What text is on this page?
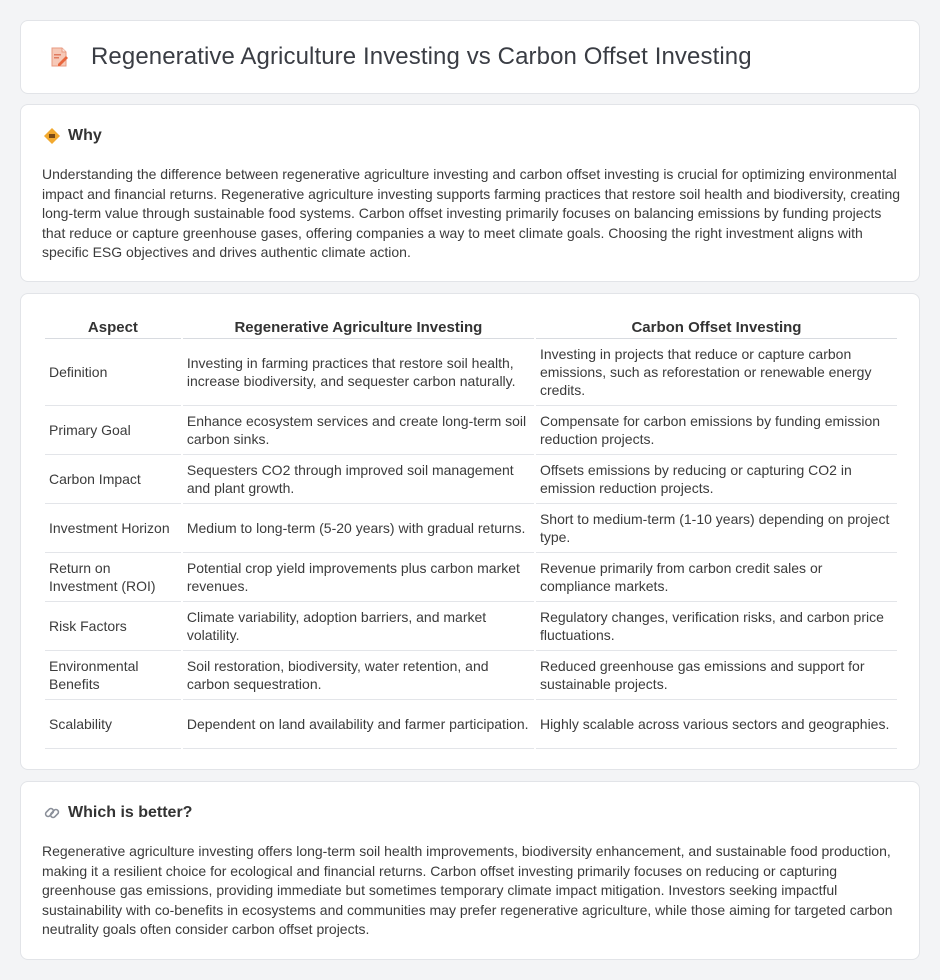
Regenerative Agriculture Investing vs Carbon Offset Investing
Why

Understanding the difference between regenerative agriculture investing and carbon offset investing is crucial for optimizing environmental impact and financial returns. Regenerative agriculture investing supports farming practices that restore soil health and biodiversity, creating long-term value through sustainable food systems. Carbon offset investing primarily focuses on balancing emissions by funding projects that reduce or capture greenhouse gases, offering companies a way to meet climate goals. Choosing the right investment aligns with specific ESG objectives and drives authentic climate action.

Aspect	Regenerative Agriculture Investing	Carbon Offset Investing
Definition	Investing in farming practices that restore soil health, increase biodiversity, and sequester carbon naturally.	Investing in projects that reduce or capture carbon emissions, such as reforestation or renewable energy credits.
Primary Goal	Enhance ecosystem services and create long-term soil carbon sinks.	Compensate for carbon emissions by funding emission reduction projects.
Carbon Impact	Sequesters CO2 through improved soil management and plant growth.	Offsets emissions by reducing or capturing CO2 in emission reduction projects.
Investment Horizon	Medium to long-term (5-20 years) with gradual returns.	Short to medium-term (1-10 years) depending on project type.
Return on Investment (ROI)	Potential crop yield improvements plus carbon market revenues.	Revenue primarily from carbon credit sales or compliance markets.
Risk Factors	Climate variability, adoption barriers, and market volatility.	Regulatory changes, verification risks, and carbon price fluctuations.
Environmental Benefits	Soil restoration, biodiversity, water retention, and carbon sequestration.	Reduced greenhouse gas emissions and support for sustainable projects.
Scalability	Dependent on land availability and farmer participation.	Highly scalable across various sectors and geographies.
Which is better?

Regenerative agriculture investing offers long-term soil health improvements, biodiversity enhancement, and sustainable food production, making it a resilient choice for ecological and financial returns. Carbon offset investing primarily focuses on reducing or capturing greenhouse gas emissions, providing immediate but sometimes temporary climate impact mitigation. Investors seeking impactful sustainability with co-benefits in ecosystems and communities may prefer regenerative agriculture, while those aiming for targeted carbon neutrality goals often consider carbon offset projects.
